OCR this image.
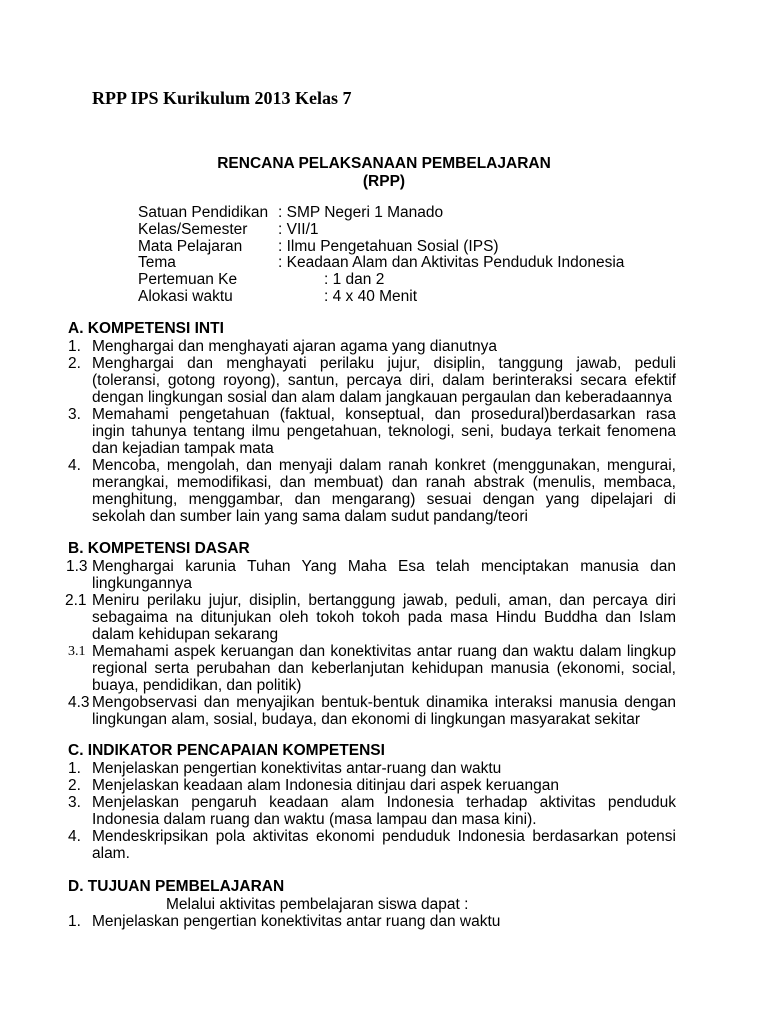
RPP IPS Kurikulum 2013 Kelas 7
RENCANA PELAKSANAAN PEMBELAJARAN
(RPP)
Satuan Pendidikan : SMP Negeri 1 Manado
Kelas/Semester : VII/1
Mata Pelajaran : Ilmu Pengetahuan Sosial (IPS)
Tema	: Keadaan Alam dan Aktivitas Penduduk Indonesia
Pertemuan Ke	: 1 dan 2
Alokasi waktu	: 4 x 40 Menit
A. KOMPETENSI INTI
1. Menghargai dan menghayati ajaran agama yang dianutnya
2. Menghargai dan menghayati perilaku jujur, disiplin, tanggung jawab, peduli (toleransi, gotong royong), santun, percaya diri, dalam berinteraksi secara efektif dengan lingkungan sosial dan alam dalam jangkauan pergaulan dan keberadaannya
3. Memahami pengetahuan (faktual, konseptual, dan prosedural)berdasarkan rasa ingin tahunya tentang ilmu pengetahuan, teknologi, seni, budaya terkait fenomena dan kejadian tampak mata
4. Mencoba, mengolah, dan menyaji dalam ranah konkret (menggunakan, mengurai, merangkai, memodifikasi, dan membuat) dan ranah abstrak (menulis, membaca, menghitung, menggambar, dan mengarang) sesuai dengan yang dipelajari di sekolah dan sumber lain yang sama dalam sudut pandang/teori
B. KOMPETENSI DASAR
1.3 Menghargai karunia Tuhan Yang Maha Esa telah menciptakan manusia dan lingkungannya
2.1 Meniru perilaku jujur, disiplin, bertanggung jawab, peduli, aman, dan percaya diri sebagaima na ditunjukan oleh tokoh tokoh pada masa Hindu Buddha dan Islam dalam kehidupan sekarang
3.1 Memahami aspek keruangan dan konektivitas antar ruang dan waktu dalam lingkup regional serta perubahan dan keberlanjutan kehidupan manusia (ekonomi, social, buaya, pendidikan, dan politik)
4.3 Mengobservasi dan menyajikan bentuk-bentuk dinamika interaksi manusia dengan lingkungan alam, sosial, budaya, dan ekonomi di lingkungan masyarakat sekitar
C. INDIKATOR PENCAPAIAN KOMPETENSI
1. Menjelaskan pengertian konektivitas antar-ruang dan waktu
2. Menjelaskan keadaan alam Indonesia ditinjau dari aspek keruangan
3. Menjelaskan pengaruh keadaan alam Indonesia terhadap aktivitas penduduk Indonesia dalam ruang dan waktu (masa lampau dan masa kini).
4. Mendeskripsikan pola aktivitas ekonomi penduduk Indonesia berdasarkan potensi alam.
D. TUJUAN PEMBELAJARAN
Melalui aktivitas pembelajaran siswa dapat :
1. Menjelaskan pengertian konektivitas antar ruang dan waktu
